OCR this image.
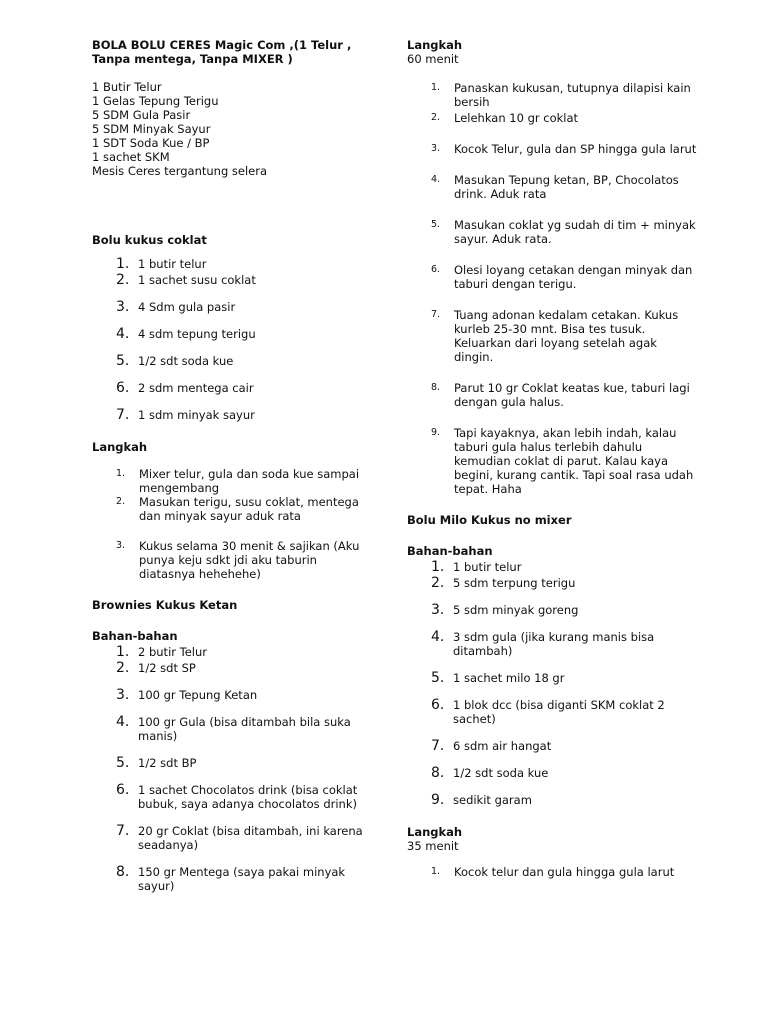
BOLA BOLU CERES Magic Com ,(1 Telur ,
Tanpa mentega, Tanpa MIXER )

1 Butir Telur
1 Gelas Tepung Terigu
5 SDM Gula Pasir
5 SDM Minyak Sayur
1 SDT Soda Kue / BP
1 sachet SKM
Mesis Ceres tergantung selera

Bolu kukus coklat

1. 1 butir telur
2. 1 sachet susu coklat
3. 4 Sdm gula pasir
4. 4 sdm tepung terigu
5. 1/2 sdt soda kue
6. 2 sdm mentega cair
7. 1 sdm minyak sayur

Langkah

1.	Mixer telur, gula dan soda kue sampai mengembang
2.	Masukan terigu, susu coklat, mentega dan minyak sayur aduk rata
3.	Kukus selama 30 menit & sajikan (Aku punya keju sdkt jdi aku taburin diatasnya hehehehe)

Brownies Kukus Ketan

Bahan-bahan

1. 2 butir Telur
2. 1/2 sdt SP
3. 100 gr Tepung Ketan
4. 100 gr Gula (bisa ditambah bila suka manis)
5. 1/2 sdt BP
6. 1 sachet Chocolatos drink (bisa coklat bubuk, saya adanya chocolatos drink)
7. 20 gr Coklat (bisa ditambah, ini karena seadanya)
8. 150 gr Mentega (saya pakai minyak sayur)

Langkah

60 menit

1.	Panaskan kukusan, tutupnya dilapisi kain bersih
2.	Lelehkan 10 gr coklat
3.	Kocok Telur, gula dan SP hingga gula larut
4.	Masukan Tepung ketan, BP, Chocolatos drink. Aduk rata
5.	Masukan coklat yg sudah di tim + minyak sayur. Aduk rata.
6.	Olesi loyang cetakan dengan minyak dan taburi dengan terigu.
7.	Tuang adonan kedalam cetakan. Kukus kurleb 25-30 mnt. Bisa tes tusuk. Keluarkan dari loyang setelah agak dingin.
8.	Parut 10 gr Coklat keatas kue, taburi lagi dengan gula halus.
9.	Tapi kayaknya, akan lebih indah, kalau taburi gula halus terlebih dahulu kemudian coklat di parut. Kalau kaya begini, kurang cantik. Tapi soal rasa udah tepat. Haha

Bolu Milo Kukus no mixer

Bahan-bahan

1. 1 butir telur
2. 5 sdm terpung terigu
3. 5 sdm minyak goreng
4. 3 sdm gula (jika kurang manis bisa ditambah)
5. 1 sachet milo 18 gr
6. 1 blok dcc (bisa diganti SKM coklat 2 sachet)
7. 6 sdm air hangat
8. 1/2 sdt soda kue
9. sedikit garam

Langkah

35 menit

1.	Kocok telur dan gula hingga gula larut
